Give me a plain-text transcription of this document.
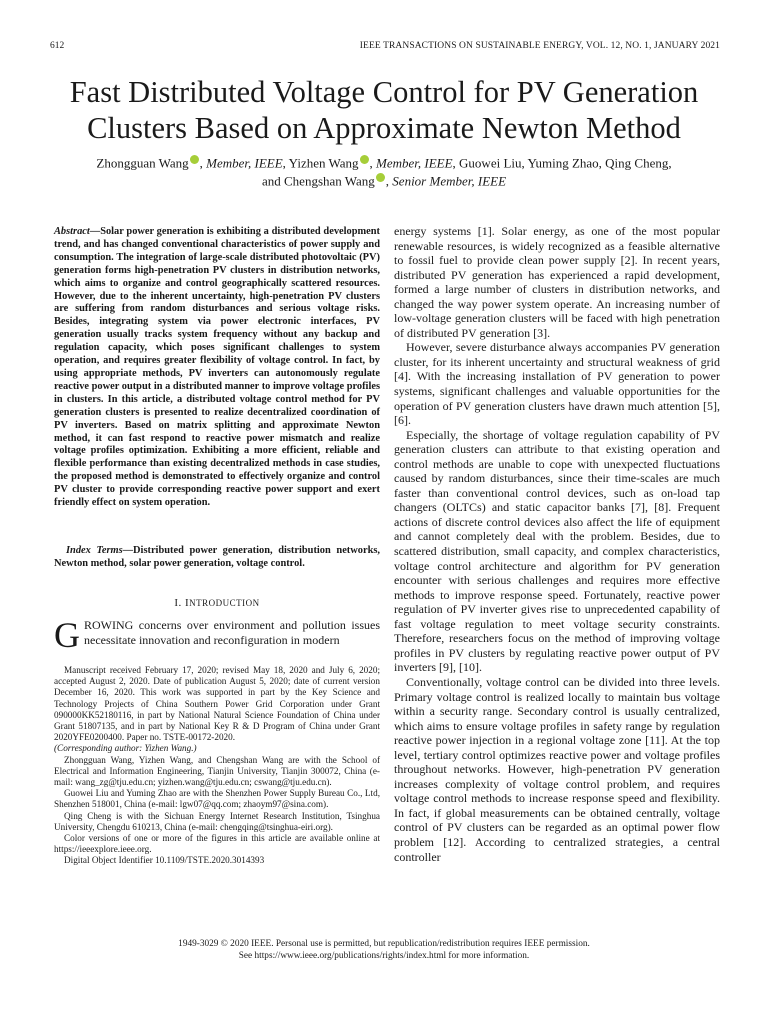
612	IEEE TRANSACTIONS ON SUSTAINABLE ENERGY, VOL. 12, NO. 1, JANUARY 2021
Fast Distributed Voltage Control for PV Generation
Clusters Based on Approximate Newton Method
Zhongguan Wang , Member, IEEE, Yizhen Wang , Member, IEEE, Guowei Liu, Yuming Zhao, Qing Cheng,
and Chengshan Wang , Senior Member, IEEE
Abstract—Solar power generation is exhibiting a distributed development trend, and has changed conventional characteristics of power supply and consumption. The integration of large-scale distributed photovoltaic (PV) generation forms high-penetration PV clusters in distribution networks, which aims to organize and control geographically scattered resources. However, due to the inherent uncertainty, high-penetration PV clusters are suffering from random disturbances and serious voltage risks. Besides, integrating system via power electronic interfaces, PV generation usually tracks system frequency without any backup and regulation capacity, which poses significant challenges to system operation, and requires greater flexibility of voltage control. In fact, by using appropriate methods, PV inverters can autonomously regulate reactive power output in a distributed manner to improve voltage profiles in clusters. In this article, a distributed voltage control method for PV generation clusters is presented to realize decentralized coordination of PV inverters. Based on matrix splitting and approximate Newton method, it can fast respond to reactive power mismatch and realize voltage profiles optimization. Exhibiting a more efficient, reliable and flexible performance than existing decentralized methods in case studies, the proposed method is demonstrated to effectively organize and control PV cluster to provide corresponding reactive power support and exert friendly effect on system operation.
Index Terms—Distributed power generation, distribution networks, Newton method, solar power generation, voltage control.
I. INTRODUCTION
GROWING concerns over environment and pollution issues necessitate innovation and reconfiguration in modern

Manuscript received February 17, 2020; revised May 18, 2020 and July 6, 2020; accepted August 2, 2020. Date of publication August 5, 2020; date of current version December 16, 2020. This work was supported in part by the Key Science and Technology Projects of China Southern Power Grid Corporation under Grant 090000KK52180116, in part by National Natural Science Foundation of China under Grant 51807135, and in part by National Key R & D Program of China under Grant 2020YFE0200400. Paper no. TSTE-00172-2020.

(Corresponding author: Yizhen Wang.)

Zhongguan Wang, Yizhen Wang, and Chengshan Wang are with the School of Electrical and Information Engineering, Tianjin University, Tianjin 300072, China (e-mail: wang_zg@tju.edu.cn; yizhen.wang@tju.edu.cn; cswang@tju.edu.cn).

Guowei Liu and Yuming Zhao are with the Shenzhen Power Supply Bureau Co., Ltd, Shenzhen 518001, China (e-mail: lgw07@qq.com; zhaoym97@sina.com).

Qing Cheng is with the Sichuan Energy Internet Research Institution, Tsinghua University, Chengdu 610213, China (e-mail: chengqing@tsinghua-eiri.org).

Color versions of one or more of the figures in this article are available online at https://ieeexplore.ieee.org.

Digital Object Identifier 10.1109/TSTE.2020.3014393

energy systems [1]. Solar energy, as one of the most popular renewable resources, is widely recognized as a feasible alternative to fossil fuel to provide clean power supply [2]. In recent years, distributed PV generation has experienced a rapid development, formed a large number of clusters in distribution networks, and changed the way power system operate. An increasing number of low-voltage generation clusters will be faced with high penetration of distributed PV generation [3].

However, severe disturbance always accompanies PV generation cluster, for its inherent uncertainty and structural weakness of grid [4]. With the increasing installation of PV generation to power systems, significant challenges and valuable opportunities for the operation of PV generation clusters have drawn much attention [5], [6].

Especially, the shortage of voltage regulation capability of PV generation clusters can attribute to that existing operation and control methods are unable to cope with unexpected fluctuations caused by random disturbances, since their time-scales are much faster than conventional control devices, such as on-load tap changers (OLTCs) and static capacitor banks [7], [8]. Frequent actions of discrete control devices also affect the life of equipment and cannot completely deal with the problem. Besides, due to scattered distribution, small capacity, and complex characteristics, voltage control architecture and algorithm for PV generation encounter with serious challenges and requires more effective methods to improve response speed. Fortunately, reactive power regulation of PV inverter gives rise to unprecedented capability of fast voltage regulation to meet voltage security constraints. Therefore, researchers focus on the method of improving voltage profiles in PV clusters by regulating reactive power output of PV inverters [9], [10].

Conventionally, voltage control can be divided into three levels. Primary voltage control is realized locally to maintain bus voltage within a security range. Secondary control is usually centralized, which aims to ensure voltage profiles in safety range by regulation reactive power injection in a regional voltage zone [11]. At the top level, tertiary control optimizes reactive power and voltage profiles throughout networks. However, high-penetration PV generation increases complexity of voltage control problem, and requires voltage control methods to increase response speed and flexibility. In fact, if global measurements can be obtained centrally, voltage control of PV clusters can be regarded as an optimal power flow problem [12]. According to centralized strategies, a central controller

1949-3029 © 2020 IEEE. Personal use is permitted, but republication/redistribution requires IEEE permission.
See https://www.ieee.org/publications/rights/index.html for more information.
